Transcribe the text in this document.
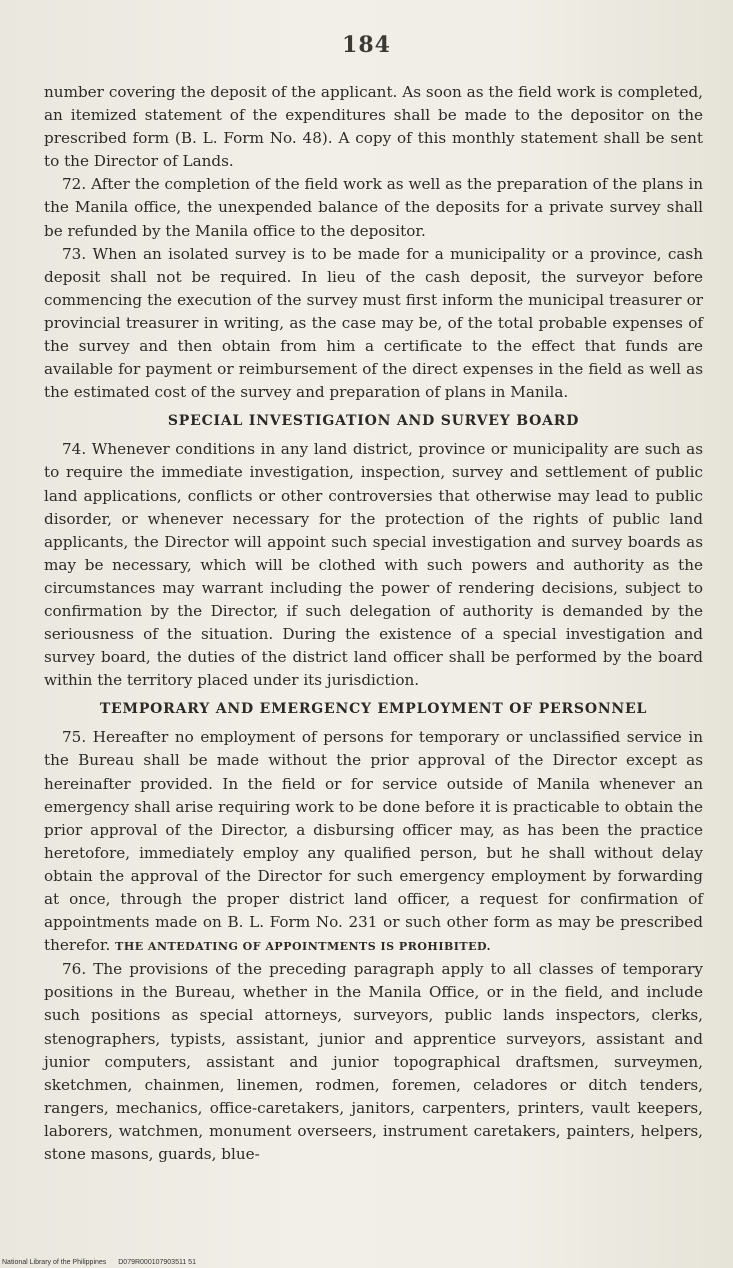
184

number covering the deposit of the applicant. As soon as the field work is completed, an itemized statement of the expenditures shall be made to the depositor on the prescribed form (B. L. Form No. 48). A copy of this monthly statement shall be sent to the Director of Lands.

72. After the completion of the field work as well as the preparation of the plans in the Manila office, the unexpended balance of the deposits for a private survey shall be refunded by the Manila office to the depositor.

73. When an isolated survey is to be made for a municipality or a province, cash deposit shall not be required. In lieu of the cash deposit, the surveyor before commencing the execution of the survey must first inform the municipal treasurer or provincial treasurer in writing, as the case may be, of the total probable expenses of the survey and then obtain from him a certificate to the effect that funds are available for payment or reimbursement of the direct expenses in the field as well as the estimated cost of the survey and preparation of plans in Manila.

SPECIAL INVESTIGATION AND SURVEY BOARD

74. Whenever conditions in any land district, province or municipality are such as to require the immediate investigation, inspection, survey and settlement of public land applications, conflicts or other controversies that otherwise may lead to public disorder, or whenever necessary for the protection of the rights of public land applicants, the Director will appoint such special investigation and survey boards as may be necessary, which will be clothed with such powers and authority as the circumstances may warrant including the power of rendering decisions, subject to confirmation by the Director, if such delegation of authority is demanded by the seriousness of the situation. During the existence of a special investigation and survey board, the duties of the district land officer shall be performed by the board within the territory placed under its jurisdiction.

TEMPORARY AND EMERGENCY EMPLOYMENT OF PERSONNEL

75. Hereafter no employment of persons for temporary or unclassified service in the Bureau shall be made without the prior approval of the Director except as hereinafter provided. In the field or for service outside of Manila whenever an emergency shall arise requiring work to be done before it is practicable to obtain the prior approval of the Director, a disbursing officer may, as has been the practice heretofore, immediately employ any qualified person, but he shall without delay obtain the approval of the Director for such emergency employment by forwarding at once, through the proper district land officer, a request for confirmation of appointments made on B. L. Form No. 231 or such other form as may be prescribed therefor. THE ANTEDATING OF APPOINTMENTS IS PROHIBITED.

76. The provisions of the preceding paragraph apply to all classes of temporary positions in the Bureau, whether in the Manila Office, or in the field, and include such positions as special attorneys, surveyors, public lands inspectors, clerks, stenographers, typists, assistant, junior and apprentice surveyors, assistant and junior computers, assistant and junior topographical draftsmen, surveymen, sketchmen, chainmen, linemen, rodmen, foremen, celadores or ditch tenders, rangers, mechanics, office-caretakers, janitors, carpenters, printers, vault keepers, laborers, watchmen, monument overseers, instrument caretakers, painters, helpers, stone masons, guards, blue-

National Library of the Philippines D079R000107903511 51
